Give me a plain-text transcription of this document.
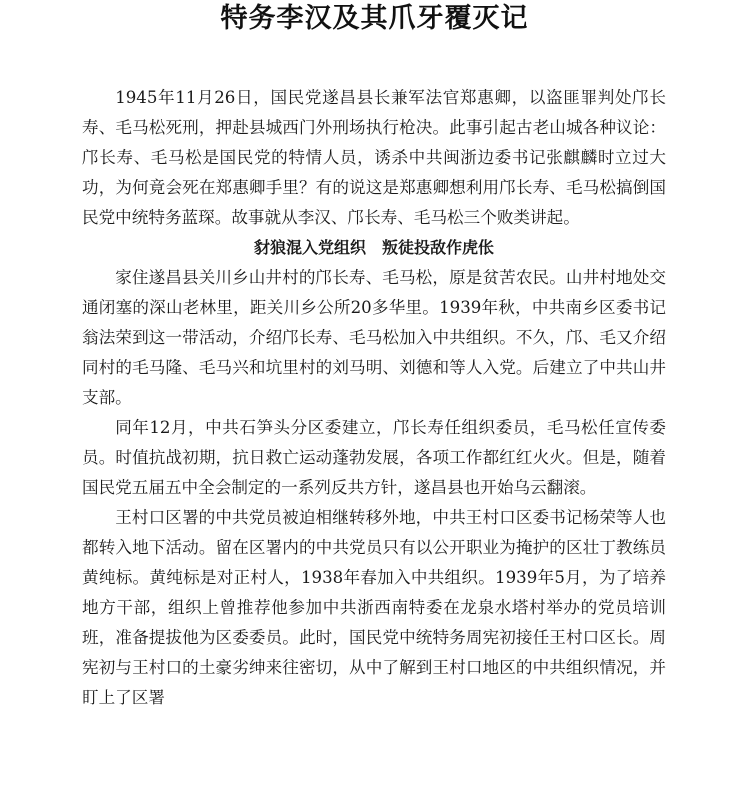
特务李汉及其爪牙覆灭记

1945年11月26日，国民党遂昌县长兼军法官郑惠卿，以盗匪罪判处邝长寿、毛马松死刑，押赴县城西门外刑场执行枪决。此事引起古老山城各种议论：邝长寿、毛马松是国民党的特情人员，诱杀中共闽浙边委书记张麒麟时立过大功，为何竟会死在郑惠卿手里？有的说这是郑惠卿想利用邝长寿、毛马松搞倒国民党中统特务蓝琛。故事就从李汉、邝长寿、毛马松三个败类讲起。

豺狼混入党组织　叛徒投敌作虎伥

家住遂昌县关川乡山井村的邝长寿、毛马松，原是贫苦农民。山井村地处交通闭塞的深山老林里，距关川乡公所20多华里。1939年秋，中共南乡区委书记翁法荣到这一带活动，介绍邝长寿、毛马松加入中共组织。不久，邝、毛又介绍同村的毛马隆、毛马兴和坑里村的刘马明、刘德和等人入党。后建立了中共山井支部。

同年12月，中共石笋头分区委建立，邝长寿任组织委员，毛马松任宣传委员。时值抗战初期，抗日救亡运动蓬勃发展，各项工作都红红火火。但是，随着国民党五届五中全会制定的一系列反共方针，遂昌县也开始乌云翻滚。

王村口区署的中共党员被迫相继转移外地，中共王村口区委书记杨荣等人也都转入地下活动。留在区署内的中共党员只有以公开职业为掩护的区壮丁教练员黄纯标。黄纯标是对正村人，1938年春加入中共组织。1939年5月，为了培养地方干部，组织上曾推荐他参加中共浙西南特委在龙泉水塔村举办的党员培训班，准备提拔他为区委委员。此时，国民党中统特务周宪初接任王村口区长。周宪初与王村口的土豪劣绅来往密切，从中了解到王村口地区的中共组织情况，并盯上了区署
